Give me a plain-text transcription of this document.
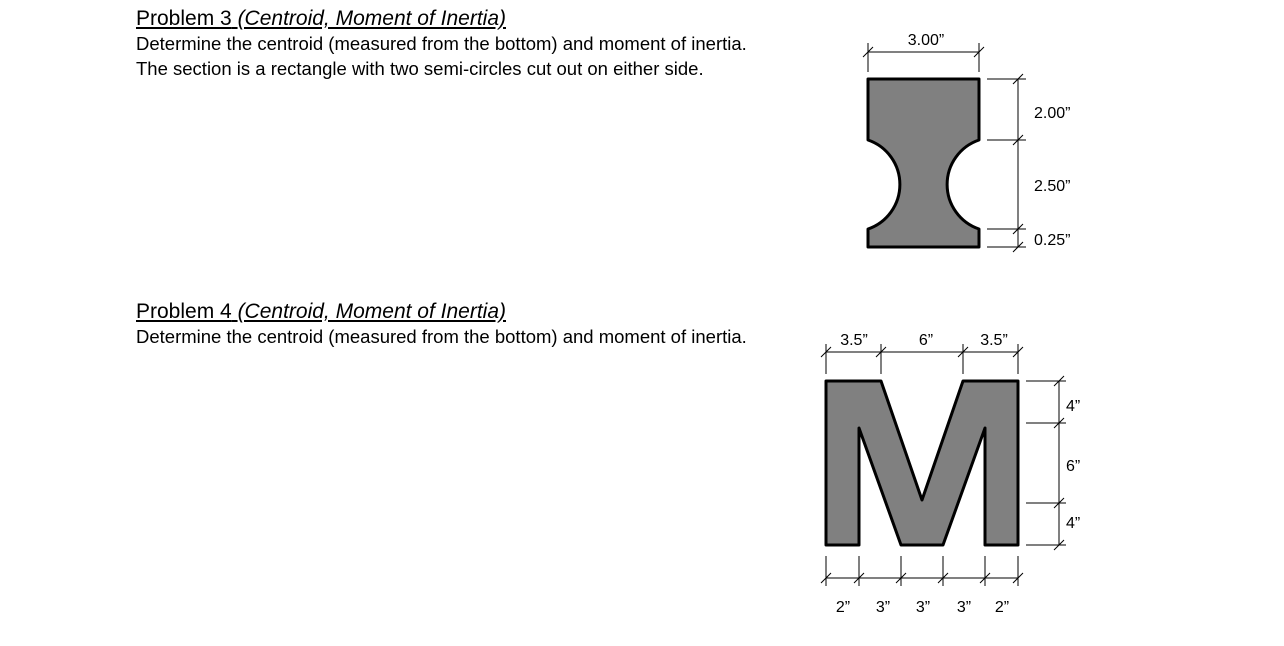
Problem 3 (Centroid, Moment of Inertia)
Determine the centroid (measured from the bottom) and moment of inertia.
The section is a rectangle with two semi-circles cut out on either side.
Problem 4 (Centroid, Moment of Inertia)
Determine the centroid (measured from the bottom) and moment of inertia.
3.00”
2.00”
2.50”
0.25”
3.5”	6”	3.5”
4”
6”
4”
2” 3” 3” 3” 2”
